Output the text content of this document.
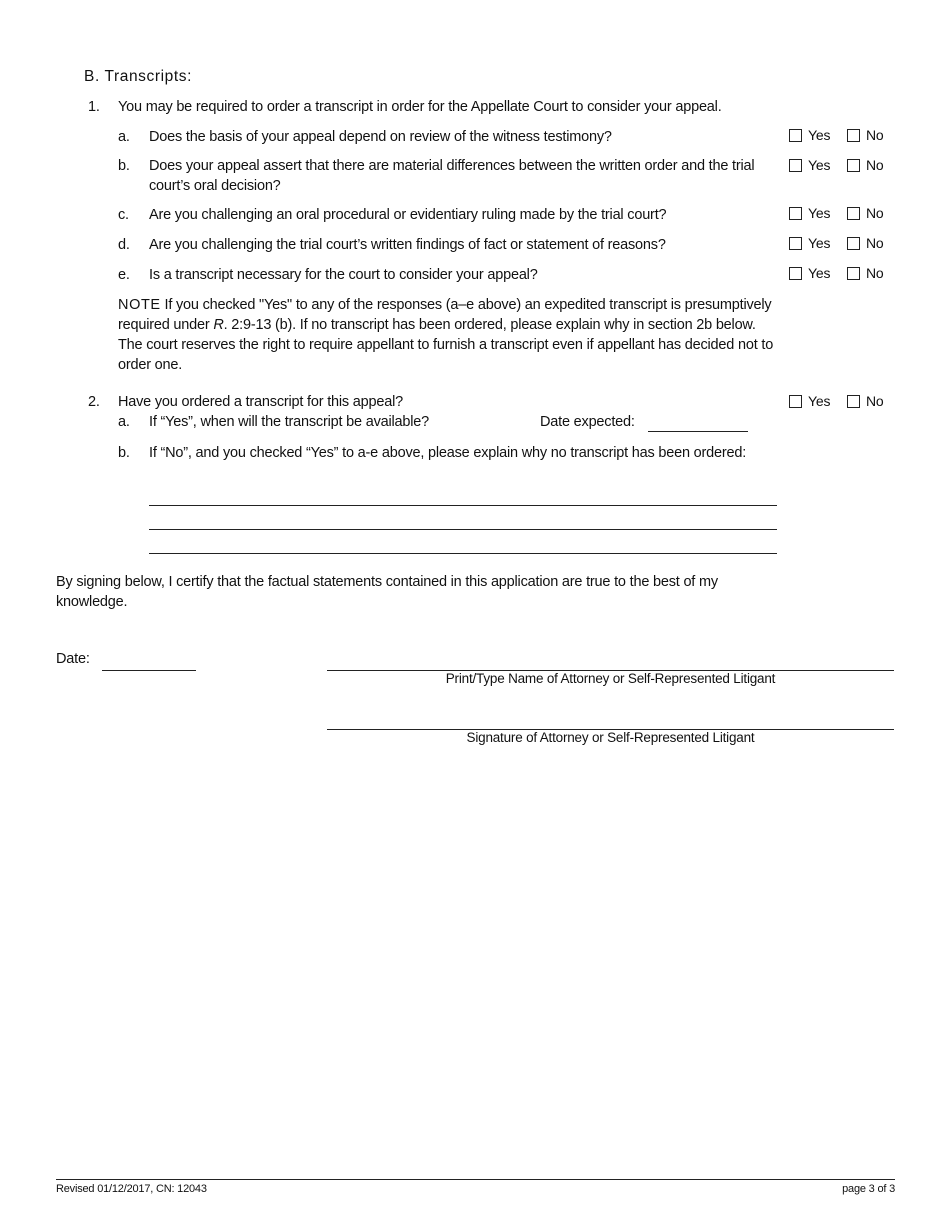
B. Transcripts:
1. You may be required to order a transcript in order for the Appellate Court to consider your appeal.
a. Does the basis of your appeal depend on review of the witness testimony?	Yes	No
b. Does your appeal assert that there are material differences between the written order and the trial court’s oral decision?
Yes	No
c. Are you challenging an oral procedural or evidentiary ruling made by the trial court?	Yes	No
d. Are you challenging the trial court’s written findings of fact or statement of reasons?	Yes	No
e. Is a transcript necessary for the court to consider your appeal?	Yes	No
NOTE If you checked "Yes" to any of the responses (a–e above) an expedited transcript is presumptively required under R. 2:9-13 (b). If no transcript has been ordered, please explain why in section 2b below. The court reserves the right to require appellant to furnish a transcript even if appellant has decided not to order one.
2. Have you ordered a transcript for this appeal?	Yes	No
a. If “Yes”, when will the transcript be available?	Date expected:
b. If “No”, and you checked “Yes” to a-e above, please explain why no transcript has been ordered:
By signing below, I certify that the factual statements contained in this application are true to the best of my knowledge.
Date:
Print/Type Name of Attorney or Self-Represented Litigant
Signature of Attorney or Self-Represented Litigant
Revised 01/12/2017, CN: 12043	page 3 of 3
